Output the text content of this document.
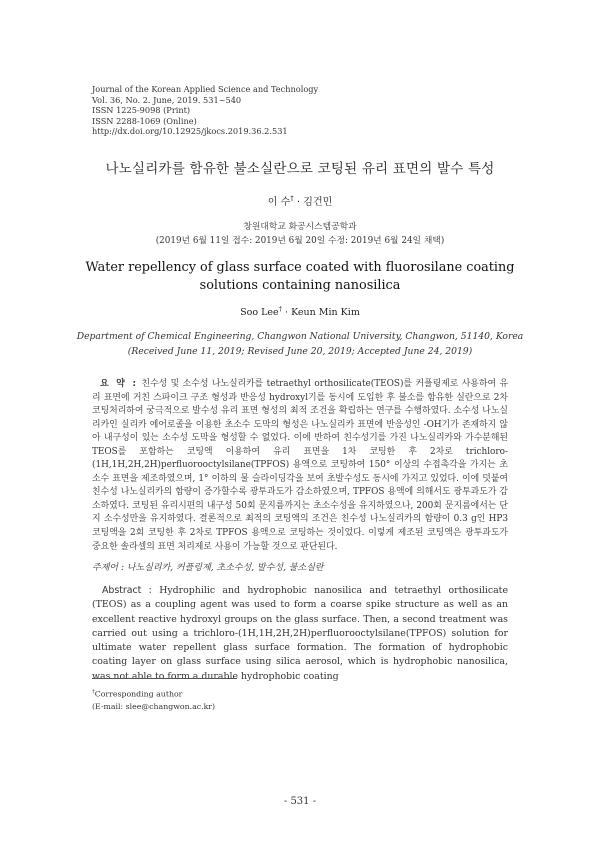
Journal of the Korean Applied Science and Technology
Vol. 36, No. 2. June, 2019. 531~540
ISSN 1225-9098 (Print)
ISSN 2288-1069 (Online)
http://dx.doi.org/10.12925/jkocs.2019.36.2.531
나노실리카를 함유한 불소실란으로 코팅된 유리 표면의 발수 특성
이 수† · 김건민
창원대학교 화공시스템공학과
(2019년 6월 11일 접수: 2019년 6월 20일 수정: 2019년 6월 24일 채택)
Water repellency of glass surface coated with fluorosilane coating solutions containing nanosilica
Soo Lee† · Keun Min Kim
Department of Chemical Engineering, Changwon National University, Changwon, 51140, Korea
(Received June 11, 2019; Revised June 20, 2019; Accepted June 24, 2019)
요 약 : 친수성 및 소수성 나노실리카를 tetraethyl orthosilicate(TEOS)를 커플링제로 사용하여 유리 표면에 거친 스파이크 구조 형성과 반응성 hydroxyl기를 동시에 도입한 후 불소를 함유한 실란으로 2차 코팅처리하여 궁극적으로 발수성 유리 표면 형성의 최적 조건을 확립하는 연구를 수행하였다. 소수성 나노실리카인 실리카 에어로졸을 이용한 초소수 도막의 형성은 나노실리카 표면에 반응성인 -OH기가 존재하지 않아 내구성이 있는 소수성 도막을 형성할 수 없었다. 이에 반하여 친수성기를 가진 나노실리카와 가수분해된 TEOS를 포함하는 코팅액 이용하여 유리 표면을 1차 코팅한 후 2차로 trichloro-(1H,1H,2H,2H)perfluorooctylsilane(TPFOS) 용액으로 코팅하여 150° 이상의 수접촉각을 가지는 초소수 표면을 제조하였으며, 1° 이하의 물 슬라이딩각을 보여 초발수성도 동시에 가지고 있었다. 이에 덧붙여 친수성 나노실리카의 함량이 증가할수록 광투과도가 감소하였으며, TPFOS 용액에 의해서도 광투과도가 감소하였다. 코팅된 유리시편의 내구성 50회 문지름까지는 초소수성을 유지하였으나, 200회 문지름에서는 단지 소수성만을 유지하였다. 결론적으로 최적의 코팅액의 조건은 친수성 나노실리카의 함량이 0.3 g인 HP3 코팅액을 2회 코팅한 후 2차로 TPFOS 용액으로 코팅하는 것이었다. 이렇게 제조된 코팅액은 광투과도가 중요한 솔라셀의 표면 처리제로 사용이 가능할 것으로 판단된다.
주제어 : 나노실리카, 커플링제, 초소수성, 발수성, 불소실란
Abstract : Hydrophilic and hydrophobic nanosilica and tetraethyl orthosilicate (TEOS) as a coupling agent was used to form a coarse spike structure as well as an excellent reactive hydroxyl groups on the glass surface. Then, a second treatment was carried out using a trichloro-(1H,1H,2H,2H)perfluorooctylsilane(TPFOS) solution for ultimate water repellent glass surface formation. The formation of hydrophobic coating layer on glass surface using silica aerosol, which is hydrophobic nanosilica, was not able to form a durable hydrophobic coating
†Corresponding author
(E-mail: slee@changwon.ac.kr)
- 531 -
